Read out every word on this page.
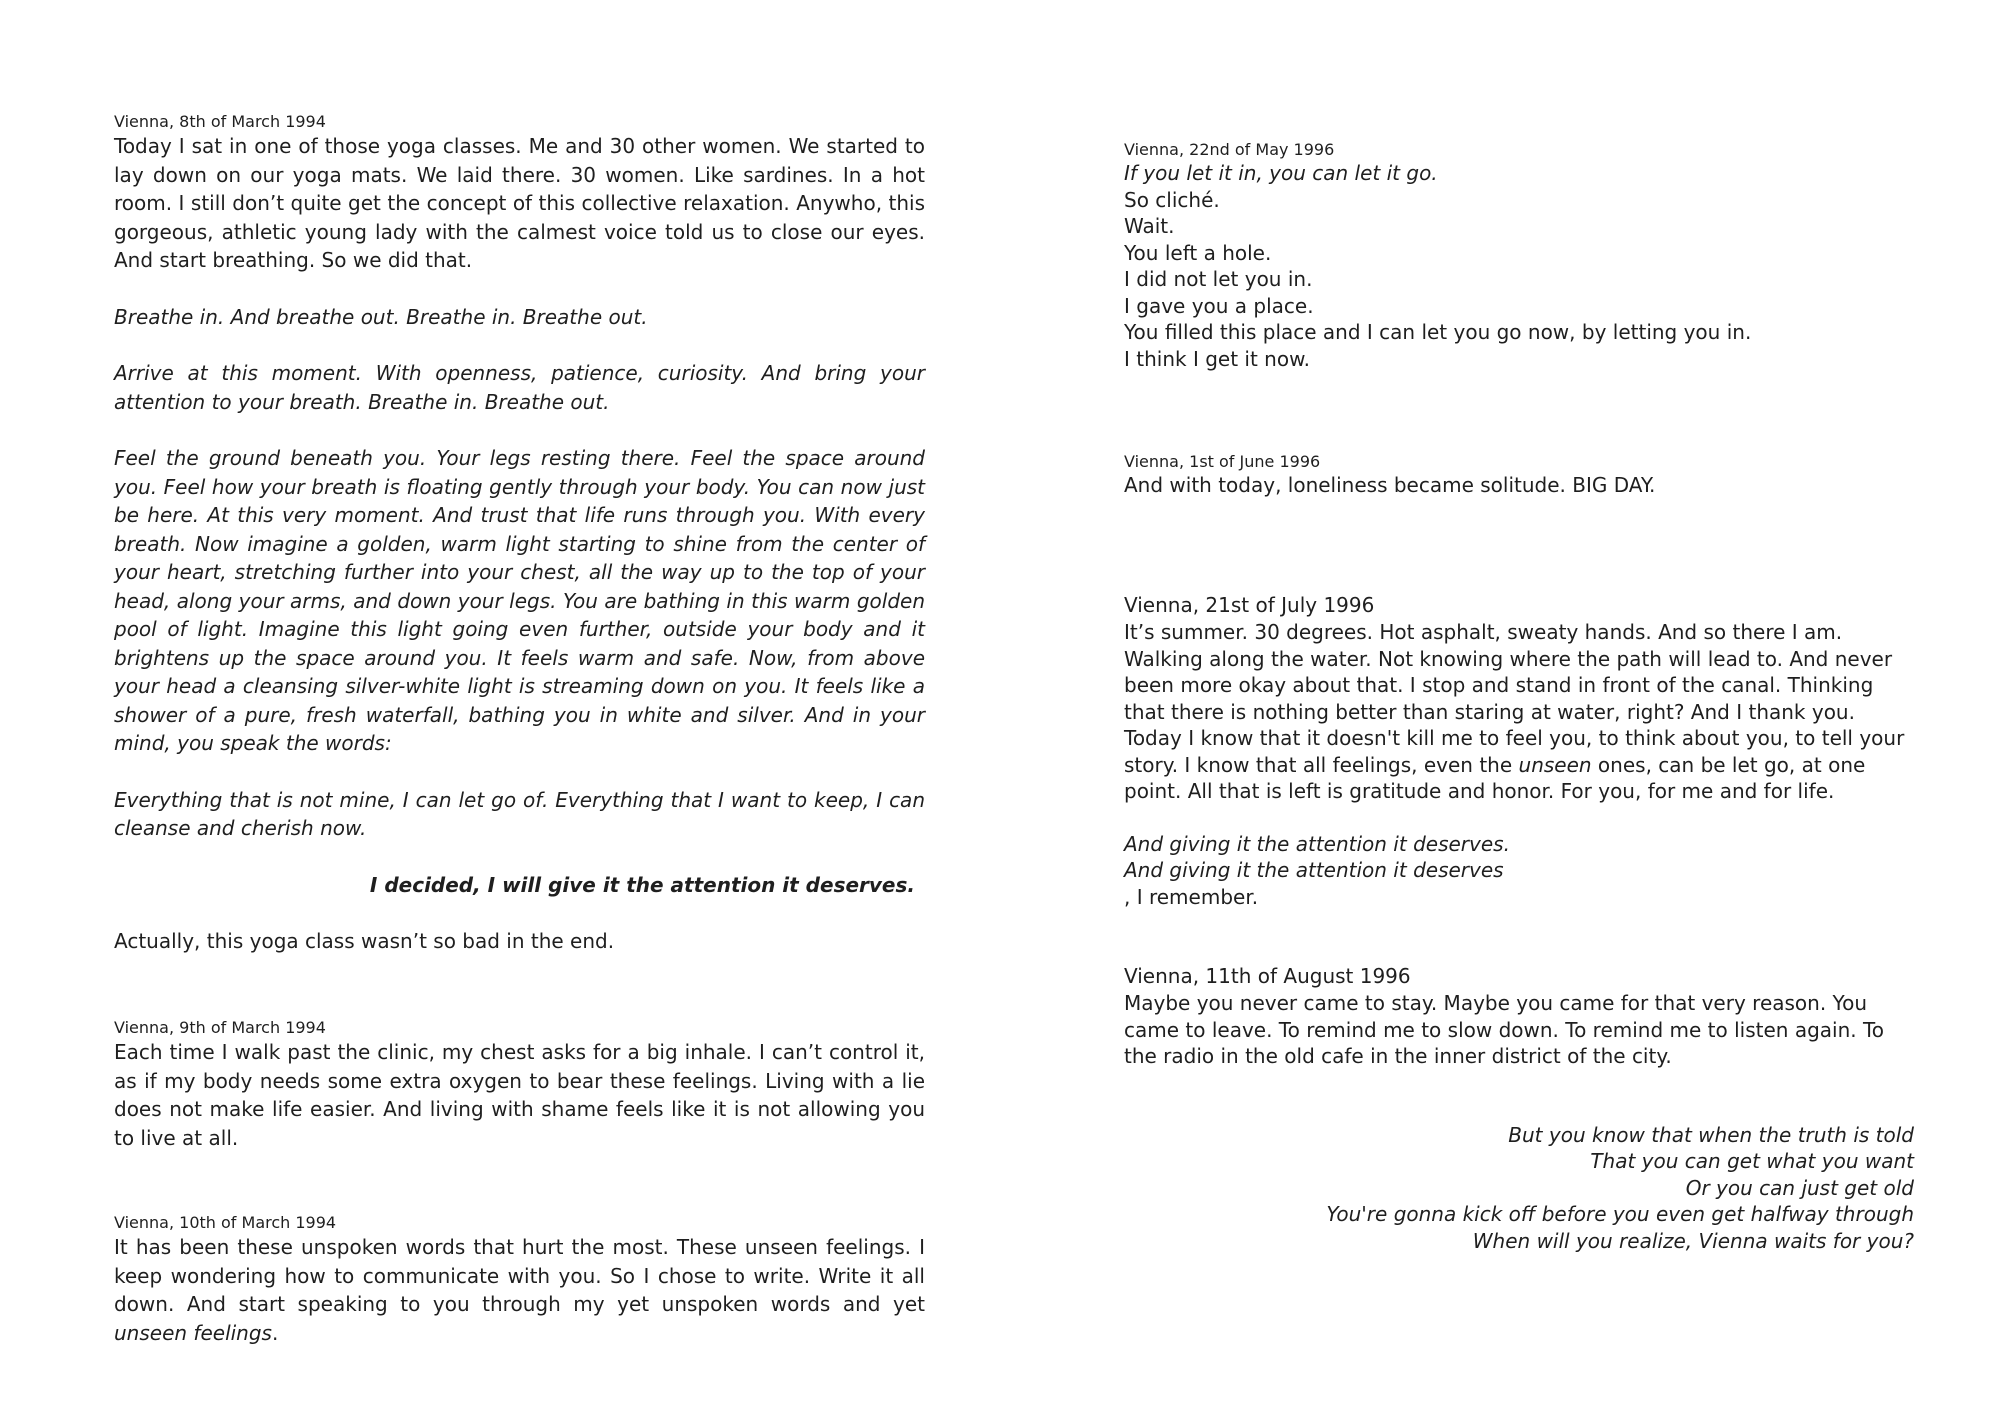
Vienna, 8th of March 1994

Today I sat in one of those yoga classes. Me and 30 other women. We started to lay down on our yoga mats. We laid there. 30 women. Like sardines. In a hot room. I still don’t quite get the concept of this collective relaxation. Anywho, this gorgeous, athletic young lady with the calmest voice told us to close our eyes. And start breathing. So we did that.

Breathe in. And breathe out. Breathe in. Breathe out.

Arrive at this moment. With openness, patience, curiosity. And bring your attention to your breath. Breathe in. Breathe out.

Feel the ground beneath you. Your legs resting there. Feel the space around you. Feel how your breath is floating gently through your body. You can now just be here. At this very moment. And trust that life runs through you. With every breath. Now imagine a golden, warm light starting to shine from the center of your heart, stretching further into your chest, all the way up to the top of your head, along your arms, and down your legs. You are bathing in this warm golden pool of light. Imagine this light going even further, outside your body and it brightens up the space around you. It feels warm and safe. Now, from above your head a cleansing silver-white light is streaming down on you. It feels like a shower of a pure, fresh waterfall, bathing you in white and silver. And in your mind, you speak the words:

Everything that is not mine, I can let go of. Everything that I want to keep, I can cleanse and cherish now.

I decided, I will give it the attention it deserves.

Actually, this yoga class wasn’t so bad in the end.

Vienna, 9th of March 1994

Each time I walk past the clinic, my chest asks for a big inhale. I can’t control it, as if my body needs some extra oxygen to bear these feelings. Living with a lie does not make life easier. And living with shame feels like it is not allowing you to live at all.

Vienna, 10th of March 1994

It has been these unspoken words that hurt the most. These unseen feelings. I keep wondering how to communicate with you. So I chose to write. Write it all down. And start speaking to you through my yet unspoken words and yet unseen feelings.

Vienna, 22nd of May 1996
If you let it in, you can let it go.
So cliché.
Wait.
You left a hole.
I did not let you in.
I gave you a place.
You filled this place and I can let you go now, by letting you in.
I think I get it now.
Vienna, 1st of June 1996
And with today, loneliness became solitude. BIG DAY.
Vienna, 21st of July 1996

It’s summer. 30 degrees. Hot asphalt, sweaty hands. And so there I am. Walking along the water. Not knowing where the path will lead to. And never been more okay about that. I stop and stand in front of the canal. Thinking that there is nothing better than staring at water, right? And I thank you. Today I know that it doesn't kill me to feel you, to think about you, to tell your story. I know that all feelings, even the unseen ones, can be let go, at one point. All that is left is gratitude and honor. For you, for me and for life.

And giving it the attention it deserves.
And giving it the attention it deserves
, I remember.
Vienna, 11th of August 1996

Maybe you never came to stay. Maybe you came for that very reason. You came to leave. To remind me to slow down. To remind me to listen again. To the radio in the old cafe in the inner district of the city.

But you know that when the truth is told
That you can get what you want
Or you can just get old
You're gonna kick off before you even get halfway through
When will you realize, Vienna waits for you?
